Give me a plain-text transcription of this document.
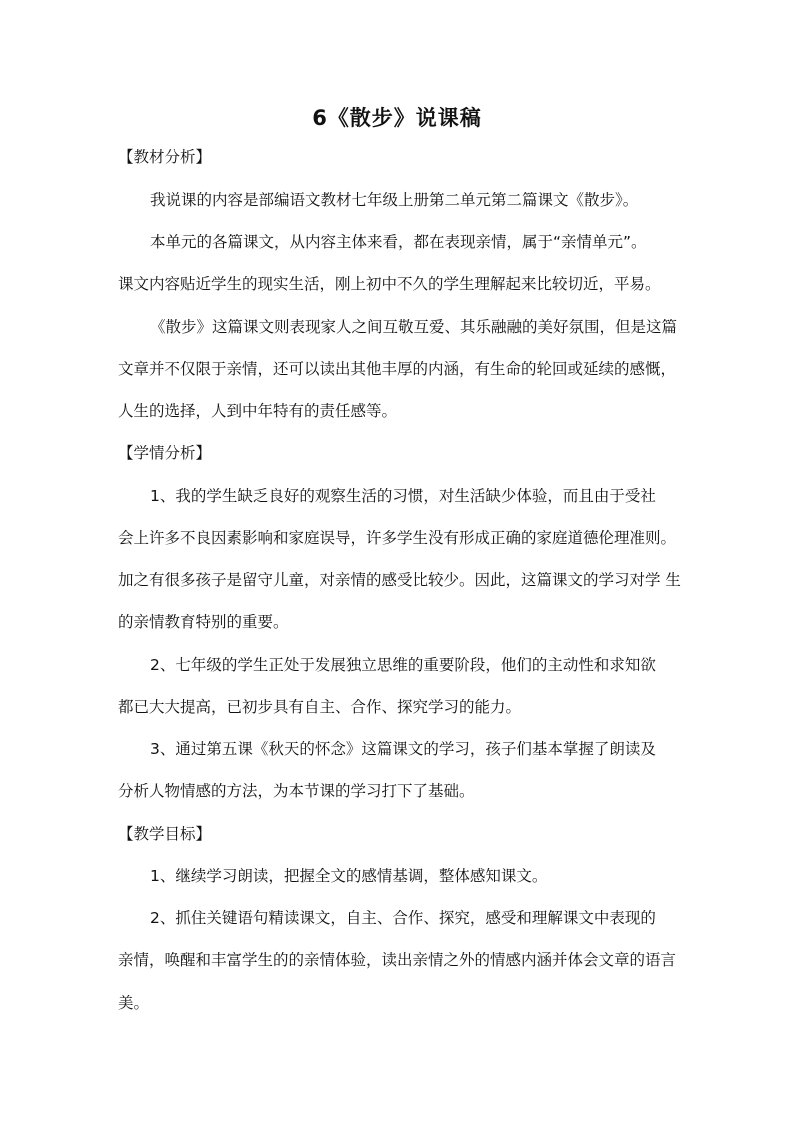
6《散步》说课稿
【教材分析】
我说课的内容是部编语文教材七年级上册第二单元第二篇课文《散步》。
本单元的各篇课文，从内容主体来看，都在表现亲情，属于“亲情单元”。
课文内容贴近学生的现实生活，刚上初中不久的学生理解起来比较切近，平易。
《散步》这篇课文则表现家人之间互敬互爱、其乐融融的美好氛围，但是这篇
文章并不仅限于亲情，还可以读出其他丰厚的内涵，有生命的轮回或延续的感慨，
人生的选择，人到中年特有的责任感等。
【学情分析】
1、我的学生缺乏良好的观察生活的习惯，对生活缺少体验，而且由于受社
会上许多不良因素影响和家庭误导，许多学生没有形成正确的家庭道德伦理准则。
加之有很多孩子是留守儿童，对亲情的感受比较少。因此，这篇课文的学习对学 生
的亲情教育特别的重要。
2、七年级的学生正处于发展独立思维的重要阶段，他们的主动性和求知欲
都已大大提高，已初步具有自主、合作、探究学习的能力。
3、通过第五课《秋天的怀念》这篇课文的学习，孩子们基本掌握了朗读及
分析人物情感的方法，为本节课的学习打下了基础。
【教学目标】
1、继续学习朗读，把握全文的感情基调，整体感知课文。
2、抓住关键语句精读课文，自主、合作、探究，感受和理解课文中表现的
亲情，唤醒和丰富学生的的亲情体验，读出亲情之外的情感内涵并体会文章的语言
美。
